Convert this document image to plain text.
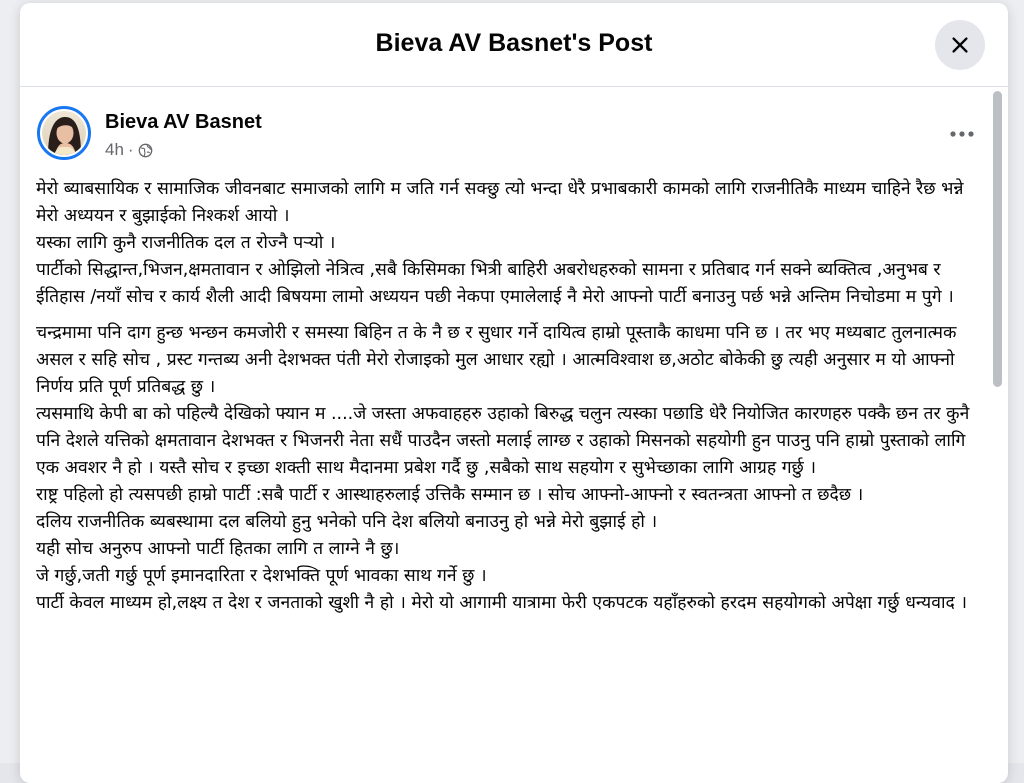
Bieva AV Basnet's Post
Bieva AV Basnet
4h ·

मेरो ब्याबसायिक र सामाजिक जीवनबाट समाजको लागि म जति गर्न सक्छु त्यो भन्दा धेरै प्रभाबकारी कामको लागि राजनीतिकै माध्यम चाहिने रैछ भन्ने मेरो अध्ययन र बुझाईको निश्कर्श आयो ।

यस्का लागि कुनै राजनीतिक दल त रोज्नै पर्‍यो ।

पार्टीको सिद्धान्त,भिजन,क्षमतावान र ओझिलो नेत्रित्व ,सबै किसिमका भित्री बाहिरी अबरोधहरुको सामना र प्रतिबाद गर्न सक्ने ब्यक्तित्व ,अनुभब र ईतिहास /नयाँ सोच र कार्य शैली आदी बिषयमा लामो अध्ययन पछी नेकपा एमालेलाई नै मेरो आफ्नो पार्टी बनाउनु पर्छ भन्ने अन्तिम निचोडमा म पुगे ।

चन्द्रमामा पनि दाग हुन्छ भन्छन कमजोरी र समस्या बिहिन त के नै छ र सुधार गर्ने दायित्व हाम्रो पूस्ताकै काधमा पनि छ । तर भए मध्यबाट तुलनात्मक असल र सहि सोच , प्रस्ट गन्तब्य अनी देशभक्त पंती मेरो रोजाइको मुल आधार रह्यो । आत्मविश्वाश छ,अठोट बोकेकी छु त्यही अनुसार म यो आफ्नो निर्णय प्रति पूर्ण प्रतिबद्ध छु ।

त्यसमाथि केपी बा को पहिल्यै देखिको फ्यान म ....जे जस्ता अफवाहहरु उहाको बिरुद्ध चलुन त्यस्का पछाडि धेरै नियोजित कारणहरु पक्कै छन तर कुनै पनि देशले यत्तिको क्षमतावान देशभक्त र भिजनरी नेता सधैं पाउदैन जस्तो मलाई लाग्छ र उहाको मिसनको सहयोगी हुन पाउनु पनि हाम्रो पुस्ताको लागि एक अवशर नै हो । यस्तै सोच र इच्छा शक्ती साथ मैदानमा प्रबेश गर्दै छु ,सबैको साथ सहयोग र सुभेच्छाका लागि आग्रह गर्छु ।

राष्ट्र पहिलो हो त्यसपछी हाम्रो पार्टी :सबै पार्टी र आस्थाहरुलाई उत्तिकै सम्मान छ । सोच आफ्नो-आफ्नो र स्वतन्त्रता आफ्नो त छदैछ ।

दलिय राजनीतिक ब्यबस्थामा दल बलियो हुनु भनेको पनि देश बलियो बनाउनु हो भन्ने मेरो बुझाई हो ।

यही सोच अनुरुप आफ्नो पार्टी हितका लागि त लाग्ने नै छु।

जे गर्छु,जती गर्छु पूर्ण इमानदारिता र देशभक्ति पूर्ण भावका साथ गर्ने छु ।

पार्टी केवल माध्यम हो,लक्ष्य त देश र जनताको खुशी नै हो । मेरो यो आगामी यात्रामा फेरी एकपटक यहाँहरुको हरदम सहयोगको अपेक्षा गर्छु धन्यवाद ।
